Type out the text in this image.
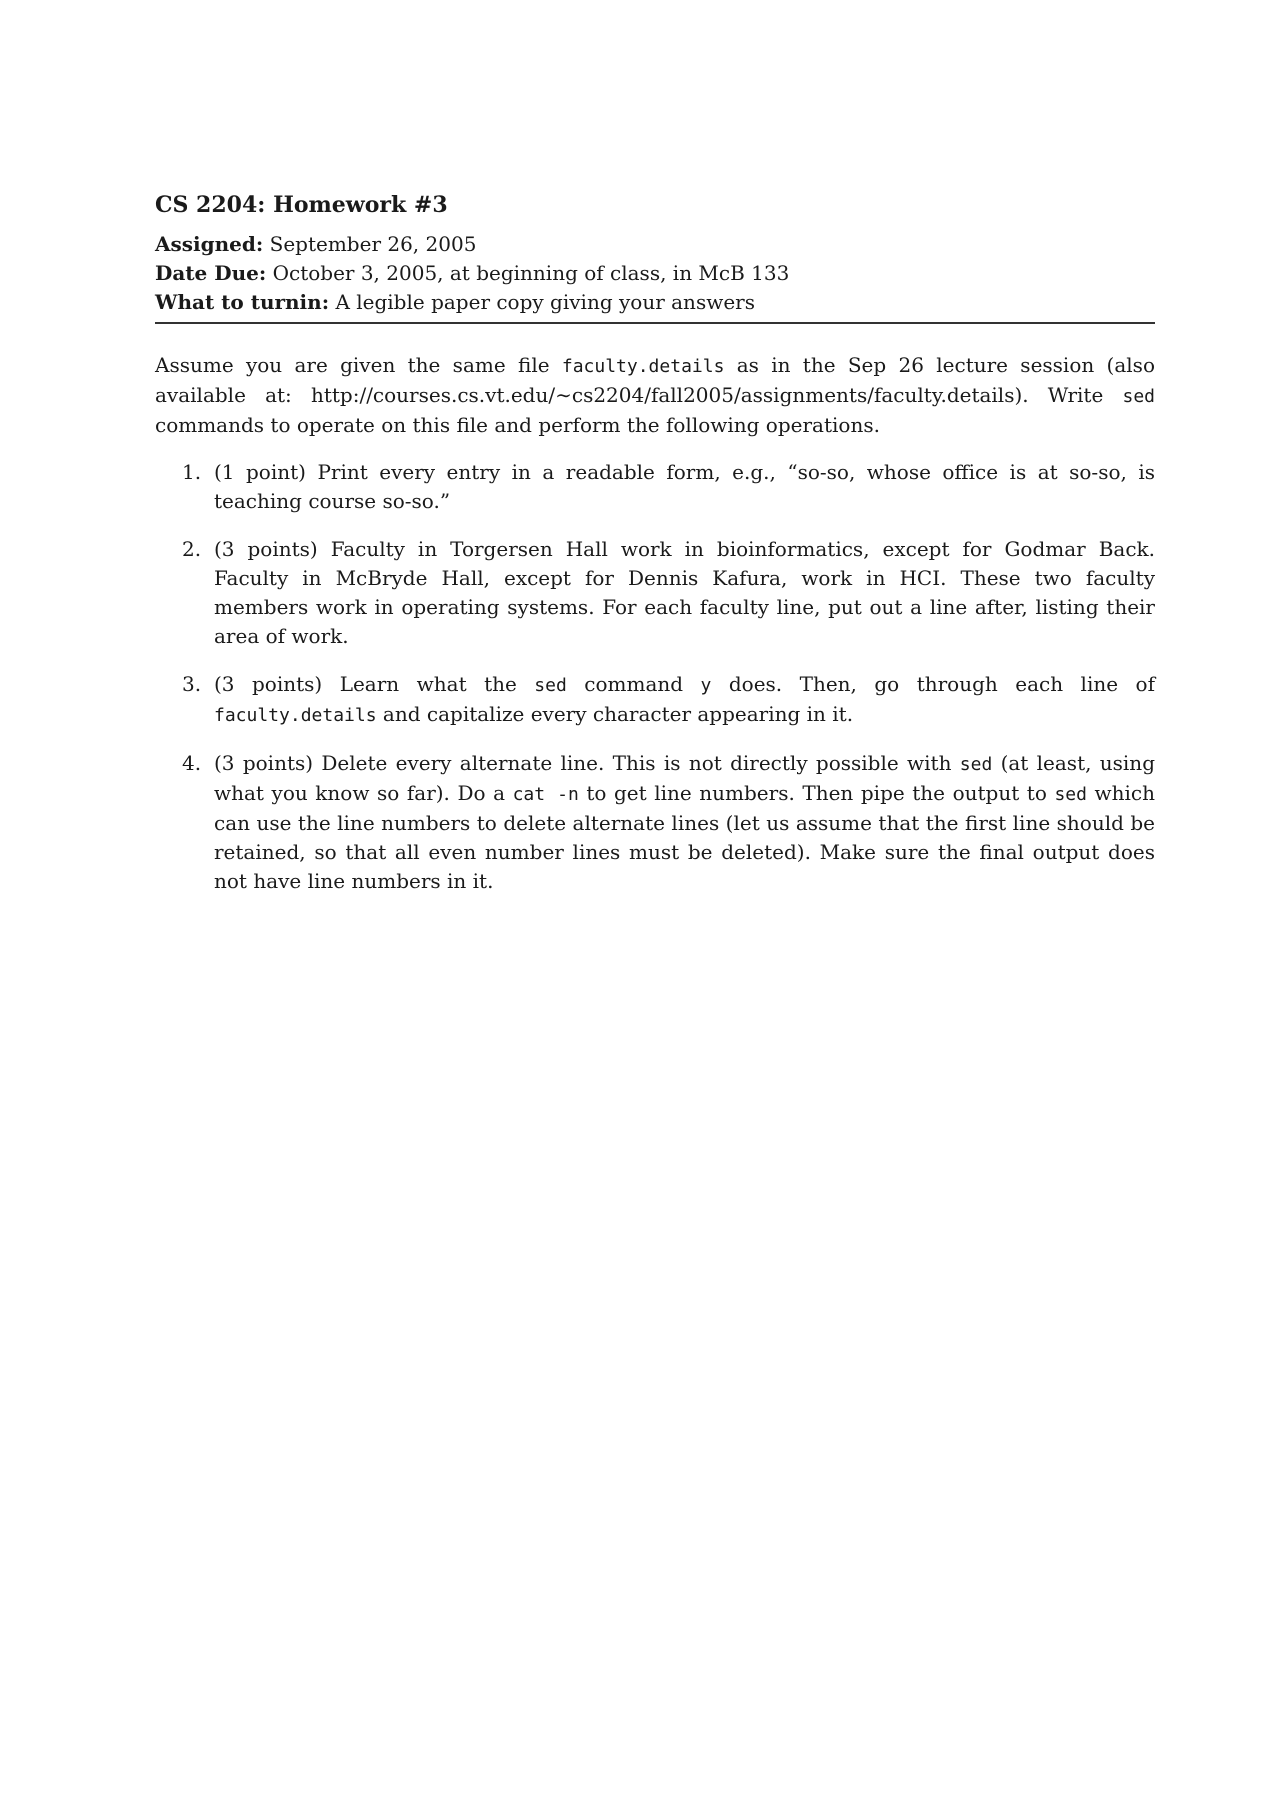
CS 2204: Homework #3

Assigned: September 26, 2005

Date Due: October 3, 2005, at beginning of class, in McB 133

What to turnin: A legible paper copy giving your answers

Assume you are given the same file faculty.details as in the Sep 26 lecture session (also available at: http://courses.cs.vt.edu/∼cs2204/fall2005/assignments/faculty.details). Write sed commands to operate on this file and perform the following operations.

1. (1 point) Print every entry in a readable form, e.g., “so-so, whose office is at so-so, is teaching course so-so.”
2. (3 points) Faculty in Torgersen Hall work in bioinformatics, except for Godmar Back. Faculty in McBryde Hall, except for Dennis Kafura, work in HCI. These two faculty members work in operating systems. For each faculty line, put out a line after, listing their area of work.
3. (3 points) Learn what the sed command y does. Then, go through each line of faculty.details and capitalize every character appearing in it.
4. (3 points) Delete every alternate line. This is not directly possible with sed (at least, using what you know so far). Do a cat -n to get line numbers. Then pipe the output to sed which can use the line numbers to delete alternate lines (let us assume that the first line should be retained, so that all even number lines must be deleted). Make sure the final output does not have line numbers in it.
